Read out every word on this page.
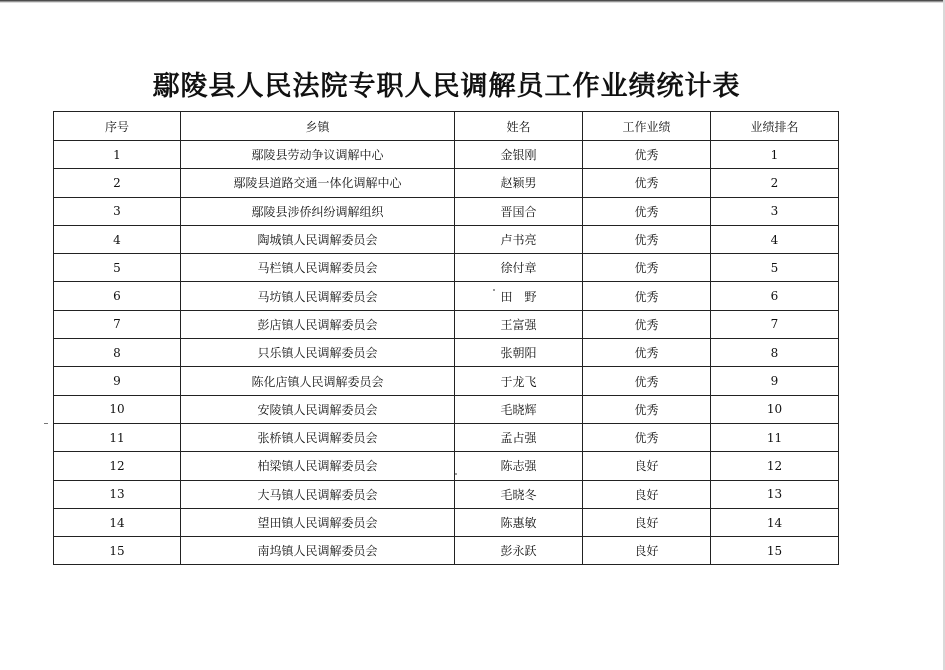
鄢陵县人民法院专职人民调解员工作业绩统计表
序号	乡镇	姓名	工作业绩	业绩排名
1	鄢陵县劳动争议调解中心	金银刚	优秀	1
2	鄢陵县道路交通一体化调解中心	赵颖男	优秀	2
3	鄢陵县涉侨纠纷调解组织	晋国合	优秀	3
4	陶城镇人民调解委员会	卢书亮	优秀	4
5	马栏镇人民调解委员会	徐付章	优秀	5
6	马坊镇人民调解委员会	田　野	优秀	6
7	彭店镇人民调解委员会	王富强	优秀	7
8	只乐镇人民调解委员会	张朝阳	优秀	8
9	陈化店镇人民调解委员会	于龙飞	优秀	9
10	安陵镇人民调解委员会	毛晓辉	优秀	10
11	张桥镇人民调解委员会	孟占强	优秀	11
12	柏梁镇人民调解委员会	陈志强	良好	12
13	大马镇人民调解委员会	毛晓冬	良好	13
14	望田镇人民调解委员会	陈惠敏	良好	14
15	南坞镇人民调解委员会	彭永跃	良好	15
